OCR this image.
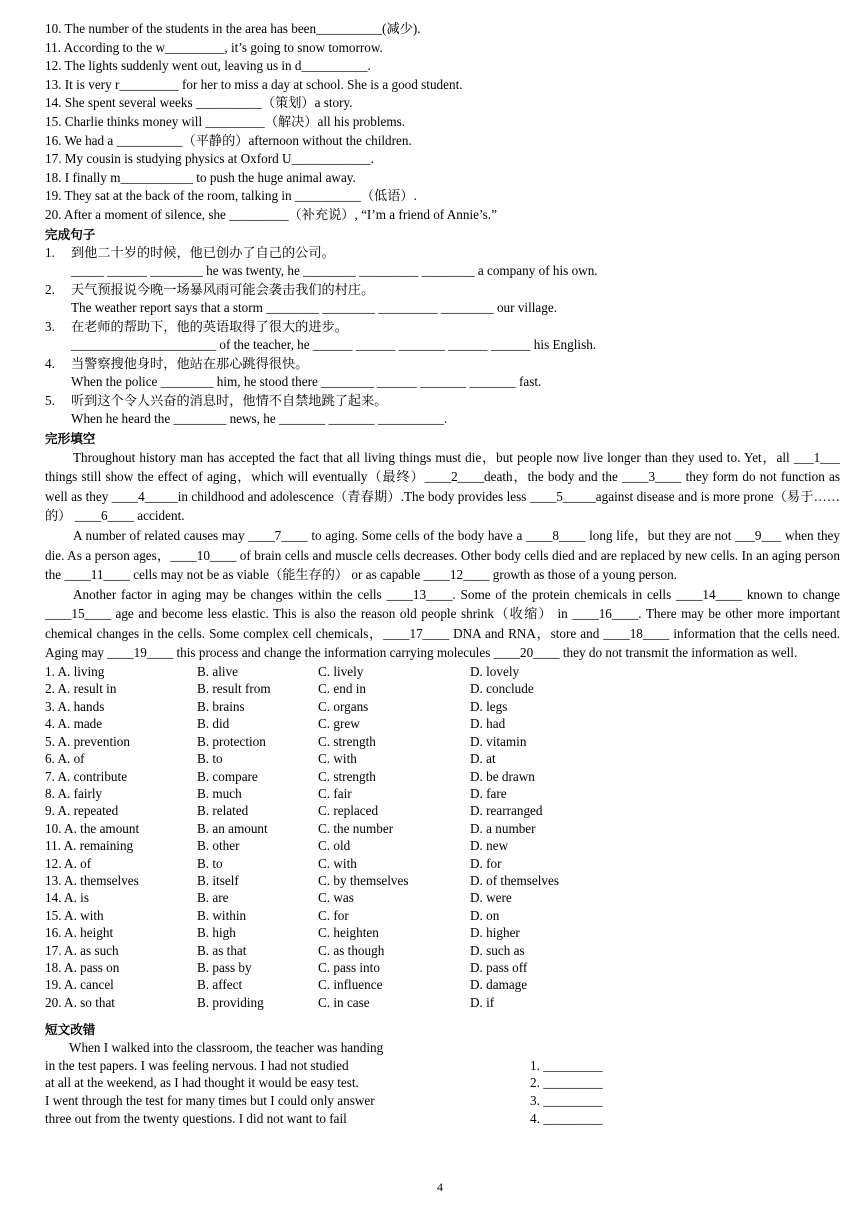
10. The number of the students in the area has been__________(减少).
11. According to the w_________, it’s going to snow tomorrow.
12. The lights suddenly went out, leaving us in d__________.
13. It is very r_________ for her to miss a day at school. She is a good student.
14. She spent several weeks __________（策划）a story.
15. Charlie thinks money will _________（解决）all his problems.
16. We had a __________（平静的）afternoon without the children.
17. My cousin is studying physics at Oxford U____________.
18. I finally m___________ to push the huge animal away.
19. They sat at the back of the room, talking in __________（低语）.
20. After a moment of silence, she _________（补充说）, “I’m a friend of Annie’s.”
完成句子
1. 到他二十岁的时候，他已创办了自己的公司。
_____ ______ ________ he was twenty, he ________ _________ ________ a company of his own.
2. 天气预报说今晚一场暴风雨可能会袭击我们的村庄。
The weather report says that a storm ________ ________ _________ ________ our village.
3. 在老师的帮助下，他的英语取得了很大的进步。
______________________ of the teacher, he ______ ______ _______ ______ ______ his English.
4. 当警察搜他身时，他站在那心跳得很快。
When the police ________ him, he stood there ________ ______ _______ _______ fast.
5. 听到这个令人兴奋的消息时，他情不自禁地跳了起来。
When he heard the ________ news, he _______ _______ __________.
完形填空
Throughout history man has accepted the fact that all living things must die，but people now live longer than they used to. Yet，all ___1___ things still show the effect of aging，which will eventually（最终）____2____death，the body and the ____3____ they form do not function as well as they ____4_____in childhood and adolescence（青春期）.The body provides less ____5_____against disease and is more prone（易于……的） ____6____ accident.
A number of related causes may ____7____ to aging. Some cells of the body have a ____8____ long life，but they are not ___9___ when they die. As a person ages，____10____ of brain cells and muscle cells decreases. Other body cells died and are replaced by new cells. In an aging person the ____11____ cells may not be as viable（能生存的） or as capable ____12____ growth as those of a young person.
Another factor in aging may be changes within the cells ____13____. Some of the protein chemicals in cells ____14____ known to change ____15____ age and become less elastic. This is also the reason old people shrink（收缩） in ____16____. There may be other more important chemical changes in the cells. Some complex cell chemicals，____17____ DNA and RNA，store and ____18____ information that the cells need. Aging may ____19____ this process and change the information carrying molecules ____20____ they do not transmit the information as well.
1. A. living	B. alive	C. lively	D. lovely
2. A. result in	B. result from	C. end in	D. conclude
3. A. hands	B. brains	C. organs	D. legs
4. A. made	B. did	C. grew	D. had
5. A. prevention	B. protection	C. strength	D. vitamin
6. A. of	B. to	C. with	D. at
7. A. contribute	B. compare	C. strength	D. be drawn
8. A. fairly	B. much	C. fair	D. fare
9. A. repeated	B. related	C. replaced	D. rearranged
10. A. the amount	B. an amount	C. the number	D. a number
11. A. remaining	B. other	C. old	D. new
12. A. of	B. to	C. with	D. for
13. A. themselves	B. itself	C. by themselves	D. of themselves
14. A. is	B. are	C. was	D. were
15. A. with	B. within	C. for	D. on
16. A. height	B. high	C. heighten	D. higher
17. A. as such	B. as that	C. as though	D. such as
18. A. pass on	B. pass by	C. pass into	D. pass off
19. A. cancel	B. affect	C. influence	D. damage
20. A. so that	B. providing	C. in case	D. if
短文改错
When I walked into the classroom, the teacher was handing
in the test papers. I was feeling nervous. I had not studied
at all at the weekend, as I had thought it would be easy test.
I went through the test for many times but I could only answer
three out from the twenty questions. I did not want to fail

1. _________
2. _________
3. _________
4. _________
4
